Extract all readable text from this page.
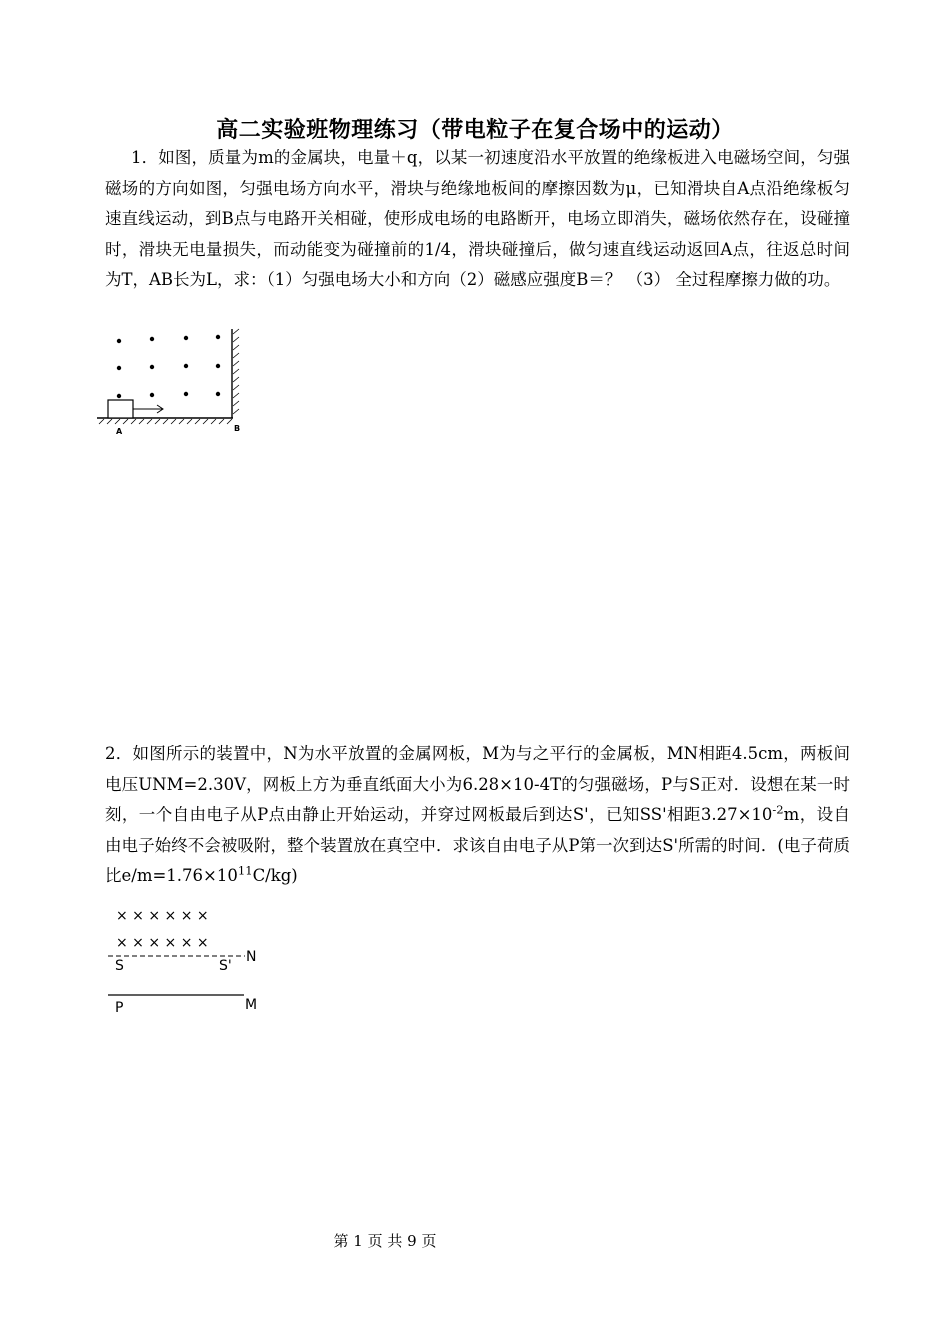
高二实验班物理练习（带电粒子在复合场中的运动）

1．如图，质量为m的金属块，电量＋q，以某一初速度沿水平放置的绝缘板进入电磁场空间，匀强磁场的方向如图，匀强电场方向水平，滑块与绝缘地板间的摩擦因数为μ，已知滑块自A点沿绝缘板匀速直线运动，到B点与电路开关相碰，使形成电场的电路断开，电场立即消失，磁场依然存在，设碰撞时，滑块无电量损失，而动能变为碰撞前的1/4，滑块碰撞后，做匀速直线运动返回A点，往返总时间为T，AB长为L，求：（1）匀强电场大小和方向（2）磁感应强度B＝？ （3） 全过程摩擦力做的功。

A	B

2．如图所示的装置中，N为水平放置的金属网板，M为与之平行的金属板，MN相距4.5cm，两板间电压UNM=2.30V，网板上方为垂直纸面大小为6.28×10-4T的匀强磁场，P与S正对．设想在某一时刻，一个自由电子从P点由静止开始运动，并穿过网板最后到达S'，已知SS'相距$3.27\times 10^{-2}m$，设自由电子始终不会被吸附，整个装置放在真空中．求该自由电子从P第一次到达S'所需的时间．(电子荷质比$e/m=1.76\times 10^{11}C/kg$)

× × × × × ×
× × × × × ×
S	S'
N
P	M
第 1 页 共 9 页
